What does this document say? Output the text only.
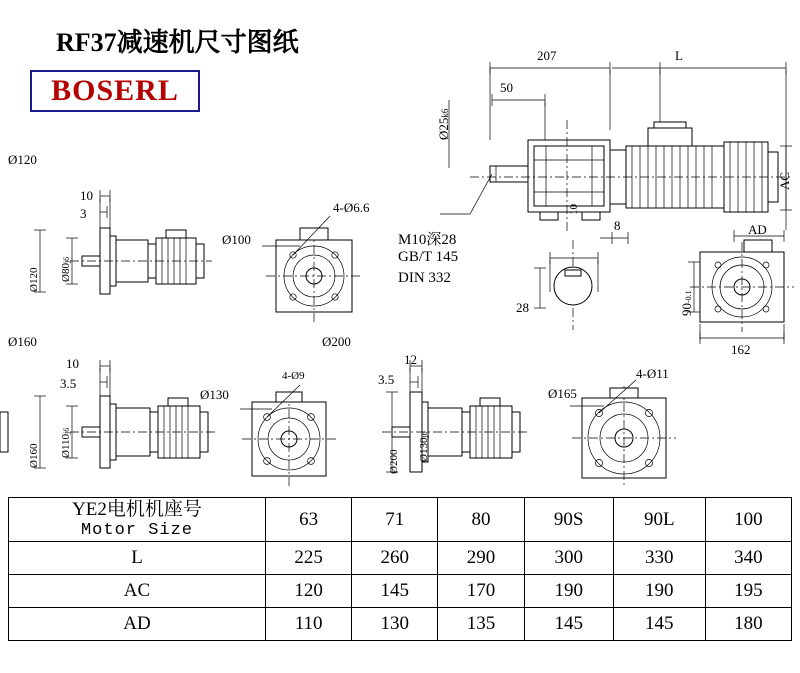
RF37减速机尺寸图纸
BOSERL
207	L
50
Ø25k6
AC
AD
162
90-0.1
8
28
10
M10深28
GB/T 145
DIN 332
Ø120
10
3
Ø120 Ø80j6
4-Ø6.6
Ø100
Ø160
10
3.5
Ø160 Ø110j6
4-Ø9
Ø130
Ø200
12
3.5
Ø200 Ø130j6
4-Ø11
Ø165
YE2电机机座号
Motor Size	63	71	80	90S	90L	100
L	225	260	290	300	330	340
AC	120	145	170	190	190	195
AD	110	130	135	145	145	180
